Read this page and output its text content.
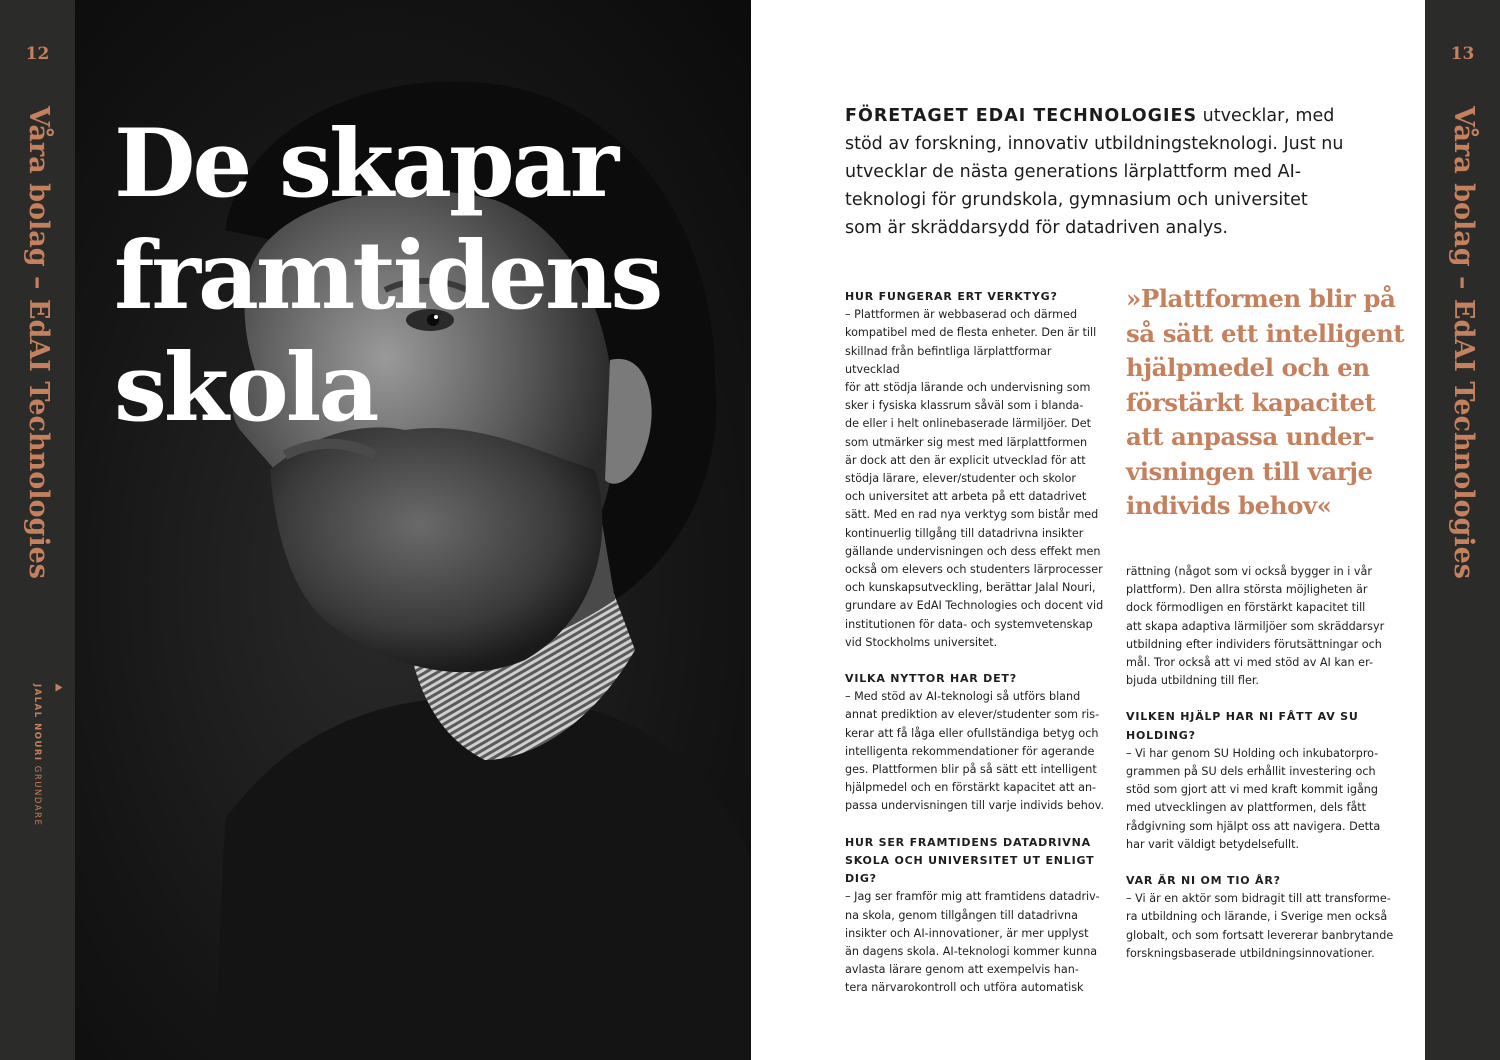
12
Våra bolag – EdAI Technologies
JALAL NOURI GRUNDARE
De skapar
framtidens
skola
FÖRETAGET EDAI TECHNOLOGIES utvecklar, med stöd av forskning, innovativ utbildningsteknologi. Just nu utvecklar de nästa generations lärplattform med AI-teknologi för grundskola, gymnasium och universitet som är skräddarsydd för datadriven analys.
HUR FUNGERAR ERT VERKTYG?
– Plattformen är webbaserad och därmed
kompatibel med de flesta enheter. Den är till
skillnad från befintliga lärplattformar utvecklad
för att stödja lärande och undervisning som
sker i fysiska klassrum såväl som i blanda-
de eller i helt onlinebaserade lärmiljöer. Det
som utmärker sig mest med lärplattformen
är dock att den är explicit utvecklad för att
stödja lärare, elever/studenter och skolor
och universitet att arbeta på ett datadrivet
sätt. Med en rad nya verktyg som bistår med
kontinuerlig tillgång till datadrivna insikter
gällande undervisningen och dess effekt men
också om elevers och studenters lärprocesser
och kunskapsutveckling, berättar Jalal Nouri,
grundare av EdAI Technologies och docent vid
institutionen för data- och systemvetenskap
vid Stockholms universitet.
VILKA NYTTOR HAR DET?
– Med stöd av AI-teknologi så utförs bland
annat prediktion av elever/studenter som ris-
kerar att få låga eller ofullständiga betyg och
intelligenta rekommendationer för agerande
ges. Plattformen blir på så sätt ett intelligent
hjälpmedel och en förstärkt kapacitet att an-
passa undervisningen till varje individs behov.
HUR SER FRAMTIDENS DATADRIVNA SKOLA OCH UNIVERSITET UT ENLIGT DIG?
– Jag ser framför mig att framtidens datadriv-
na skola, genom tillgången till datadrivna
insikter och AI-innovationer, är mer upplyst
än dagens skola. AI-teknologi kommer kunna
avlasta lärare genom att exempelvis han-
tera närvarokontroll och utföra automatisk
»Plattformen blir på
så sätt ett intelligent
hjälpmedel och en
förstärkt kapacitet
att anpassa under-
visningen till varje
individs behov«
rättning (något som vi också bygger in i vår
plattform). Den allra största möjligheten är
dock förmodligen en förstärkt kapacitet till
att skapa adaptiva lärmiljöer som skräddarsyr
utbildning efter individers förutsättningar och
mål. Tror också att vi med stöd av AI kan er-
bjuda utbildning till fler.
VILKEN HJÄLP HAR NI FÅTT AV SU HOLDING?
– Vi har genom SU Holding och inkubatorpro-
grammen på SU dels erhållit investering och
stöd som gjort att vi med kraft kommit igång
med utvecklingen av plattformen, dels fått
rådgivning som hjälpt oss att navigera. Detta
har varit väldigt betydelsefullt.
VAR ÄR NI OM TIO ÅR?
– Vi är en aktör som bidragit till att transforme-
ra utbildning och lärande, i Sverige men också
globalt, och som fortsatt levererar banbrytande
forskningsbaserade utbildningsinnovationer.
13
Våra bolag – EdAI Technologies
